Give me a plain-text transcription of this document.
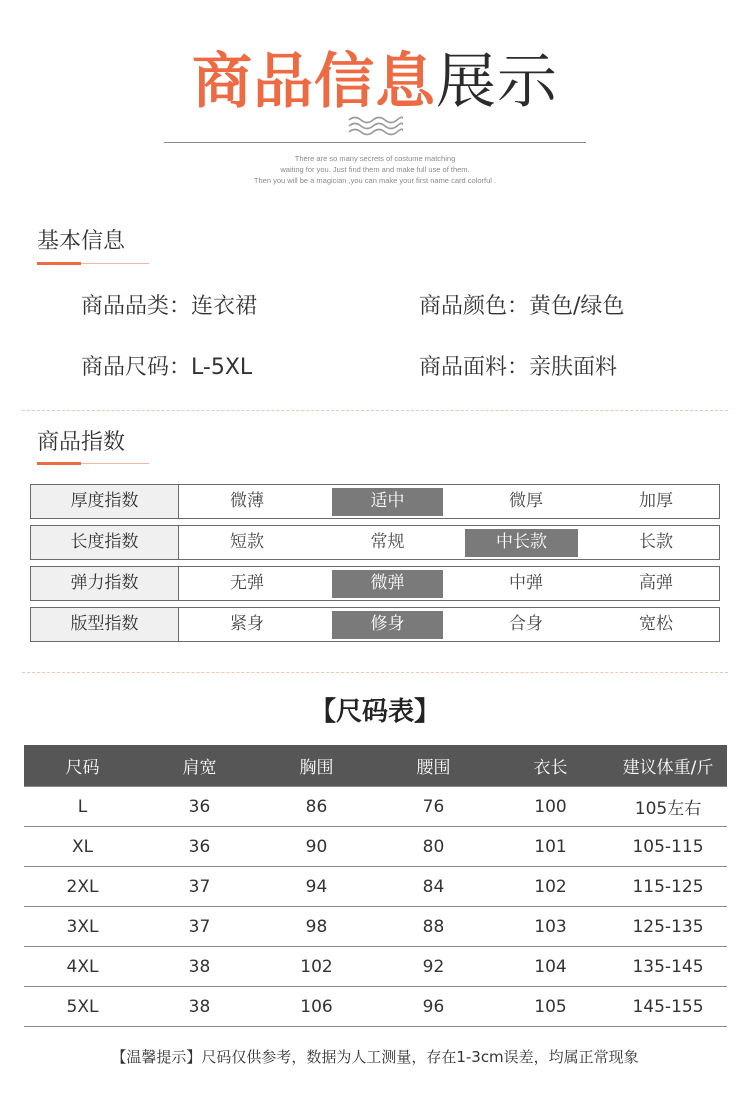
商品信息展示
There are so many secrets of costume matching
waiting for you. Just find them and make full use of them.
Then you will be a magician ,you can make your first name card colorful .
基本信息
商品品类：连衣裙	商品颜色：黄色/绿色
商品尺码：L-5XL	商品面料：亲肤面料
商品指数
厚度指数	微薄	适中	微厚	加厚
长度指数	短款	常规	中长款	长款
弹力指数	无弹	微弹	中弹	高弹
版型指数	紧身	修身	合身	宽松
【尺码表】
尺码	肩宽	胸围	腰围	衣长	建议体重/斤
L	36	86	76	100	105左右
XL	36	90	80	101	105-115
2XL	37	94	84	102	115-125
3XL	37	98	88	103	125-135
4XL	38	102	92	104	135-145
5XL	38	106	96	105	145-155
【温馨提示】尺码仅供参考，数据为人工测量，存在1-3cm误差，均属正常现象
